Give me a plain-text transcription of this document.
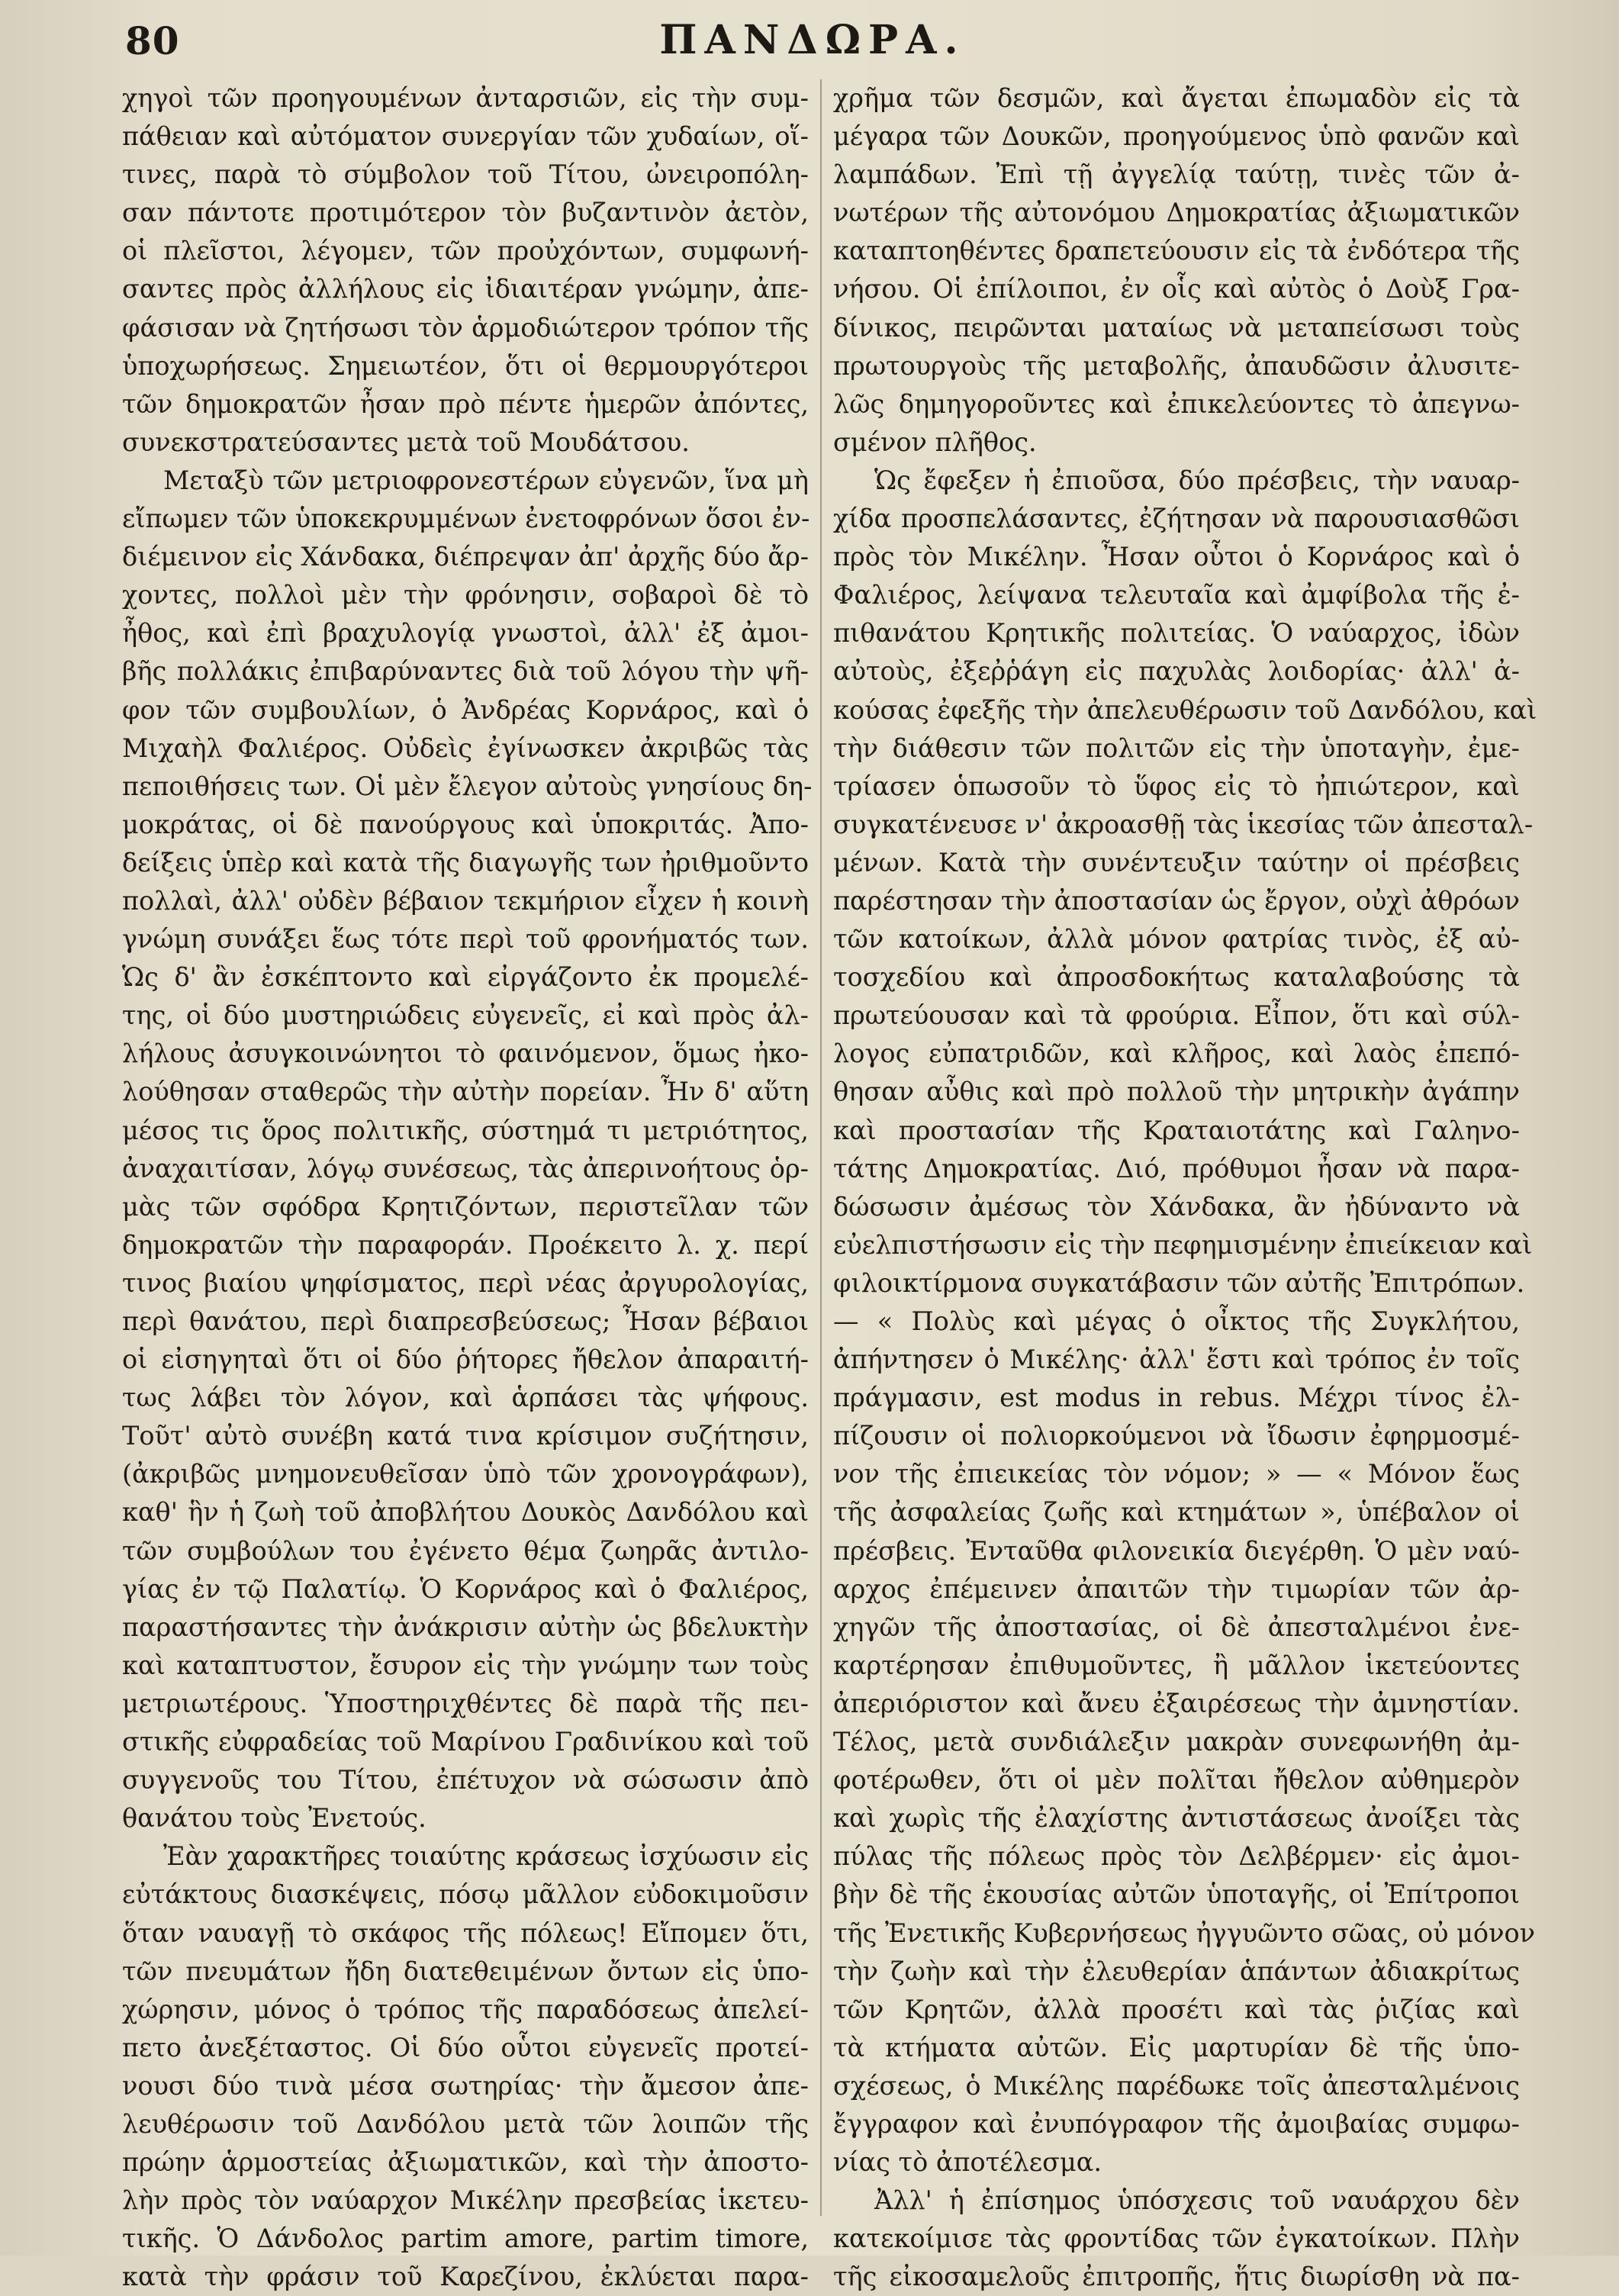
80	ΠΑΝΔΩΡΑ.

χηγοὶ τῶν προηγουμένων ἀνταρσιῶν, εἰς τὴν συμ-
πάθειαν καὶ αὐτόματον συνεργίαν τῶν χυδαίων, οἵ-
τινες, παρὰ τὸ σύμβολον τοῦ Τίτου, ὠνειροπόλη-
σαν πάντοτε προτιμότερον τὸν βυζαντινὸν ἀετὸν,
οἱ πλεῖστοι, λέγομεν, τῶν προὐχόντων, συμφωνή-
σαντες πρὸς ἀλλήλους εἰς ἰδιαιτέραν γνώμην, ἀπε-
φάσισαν νὰ ζητήσωσι τὸν ἁρμοδιώτερον τρόπον τῆς
ὑποχωρήσεως. Σημειωτέον, ὅτι οἱ θερμουργότεροι
τῶν δημοκρατῶν ἦσαν πρὸ πέντε ἡμερῶν ἀπόντες,
συνεκστρατεύσαντες μετὰ τοῦ Μουδάτσου.

Μεταξὺ τῶν μετριοφρονεστέρων εὐγενῶν, ἵνα μὴ
εἴπωμεν τῶν ὑποκεκρυμμένων ἐνετοφρόνων ὅσοι ἐν-
διέμεινον εἰς Χάνδακα, διέπρεψαν ἀπ' ἀρχῆς δύο ἄρ-
χοντες, πολλοὶ μὲν τὴν φρόνησιν, σοβαροὶ δὲ τὸ
ἦθος, καὶ ἐπὶ βραχυλογίᾳ γνωστοὶ, ἀλλ' ἐξ ἀμοι-
βῆς πολλάκις ἐπιβαρύναντες διὰ τοῦ λόγου τὴν ψῆ-
φον τῶν συμβουλίων, ὁ Ἀνδρέας Κορνάρος, καὶ ὁ
Μιχαὴλ Φαλιέρος. Οὐδεὶς ἐγίνωσκεν ἀκριβῶς τὰς
πεποιθήσεις των. Οἱ μὲν ἔλεγον αὐτοὺς γνησίους δη-
μοκράτας, οἱ δὲ πανούργους καὶ ὑποκριτάς. Ἀπο-
δείξεις ὑπὲρ καὶ κατὰ τῆς διαγωγῆς των ἠριθμοῦντο
πολλαὶ, ἀλλ' οὐδὲν βέβαιον τεκμήριον εἶχεν ἡ κοινὴ
γνώμη συνάξει ἕως τότε περὶ τοῦ φρονήματός των.
Ὡς δ' ἂν ἐσκέπτοντο καὶ εἰργάζοντο ἐκ προμελέ-
της, οἱ δύο μυστηριώδεις εὐγενεῖς, εἰ καὶ πρὸς ἀλ-
λήλους ἀσυγκοινώνητοι τὸ φαινόμενον, ὅμως ἠκο-
λούθησαν σταθερῶς τὴν αὐτὴν πορείαν. Ἦν δ' αὕτη
μέσος τις ὅρος πολιτικῆς, σύστημά τι μετριότητος,
ἀναχαιτίσαν, λόγῳ συνέσεως, τὰς ἀπερινοήτους ὁρ-
μὰς τῶν σφόδρα Κρητιζόντων, περιστεῖλαν τῶν
δημοκρατῶν τὴν παραφοράν. Προέκειτο λ. χ. περί
τινος βιαίου ψηφίσματος, περὶ νέας ἀργυρολογίας,
περὶ θανάτου, περὶ διαπρεσβεύσεως; Ἦσαν βέβαιοι
οἱ εἰσηγηταὶ ὅτι οἱ δύο ῥήτορες ἤθελον ἀπαραιτή-
τως λάβει τὸν λόγον, καὶ ἁρπάσει τὰς ψήφους.
Τοῦτ' αὐτὸ συνέβη κατά τινα κρίσιμον συζήτησιν,
(ἀκριβῶς μνημονευθεῖσαν ὑπὸ τῶν χρονογράφων),
καθ' ἣν ἡ ζωὴ τοῦ ἀποβλήτου Δουκὸς Δανδόλου καὶ
τῶν συμβούλων του ἐγένετο θέμα ζωηρᾶς ἀντιλο-
γίας ἐν τῷ Παλατίῳ. Ὁ Κορνάρος καὶ ὁ Φαλιέρος,
παραστήσαντες τὴν ἀνάκρισιν αὐτὴν ὡς βδελυκτὴν
καὶ καταπτυστον, ἔσυρον εἰς τὴν γνώμην των τοὺς
μετριωτέρους. Ὑποστηριχθέντες δὲ παρὰ τῆς πει-
στικῆς εὐφραδείας τοῦ Μαρίνου Γραδινίκου καὶ τοῦ
συγγενοῦς του Τίτου, ἐπέτυχον νὰ σώσωσιν ἀπὸ
θανάτου τοὺς Ἐνετούς.

Ἐὰν χαρακτῆρες τοιαύτης κράσεως ἰσχύωσιν εἰς
εὐτάκτους διασκέψεις, πόσῳ μᾶλλον εὐδοκιμοῦσιν
ὅταν ναυαγῇ τὸ σκάφος τῆς πόλεως! Εἴπομεν ὅτι,
τῶν πνευμάτων ἤδη διατεθειμένων ὄντων εἰς ὑπο-
χώρησιν, μόνος ὁ τρόπος τῆς παραδόσεως ἀπελεί-
πετο ἀνεξέταστος. Οἱ δύο οὗτοι εὐγενεῖς προτεί-
νουσι δύο τινὰ μέσα σωτηρίας· τὴν ἄμεσον ἀπε-
λευθέρωσιν τοῦ Δανδόλου μετὰ τῶν λοιπῶν τῆς
πρώην ἁρμοστείας ἀξιωματικῶν, καὶ τὴν ἀποστο-
λὴν πρὸς τὸν ναύαρχον Μικέλην πρεσβείας ἱκετευ-
τικῆς. Ὁ Δάνδολος partim amore, partim timore,
κατὰ τὴν φράσιν τοῦ Καρεζίνου, ἐκλύεται παρα-

χρῆμα τῶν δεσμῶν, καὶ ἄγεται ἐπωμαδὸν εἰς τὰ
μέγαρα τῶν Δουκῶν, προηγούμενος ὑπὸ φανῶν καὶ
λαμπάδων. Ἐπὶ τῇ ἀγγελίᾳ ταύτῃ, τινὲς τῶν ἀ-
νωτέρων τῆς αὐτονόμου Δημοκρατίας ἀξιωματικῶν
καταπτοηθέντες δραπετεύουσιν εἰς τὰ ἐνδότερα τῆς
νήσου. Οἱ ἐπίλοιποι, ἐν οἷς καὶ αὐτὸς ὁ Δοὺξ Γρα-
δίνικος, πειρῶνται ματαίως νὰ μεταπείσωσι τοὺς
πρωτουργοὺς τῆς μεταβολῆς, ἀπαυδῶσιν ἀλυσιτε-
λῶς δημηγοροῦντες καὶ ἐπικελεύοντες τὸ ἀπεγνω-
σμένον πλῆθος.

Ὡς ἔφεξεν ἡ ἐπιοῦσα, δύο πρέσβεις, τὴν ναυαρ-
χίδα προσπελάσαντες, ἐζήτησαν νὰ παρουσιασθῶσι
πρὸς τὸν Μικέλην. Ἦσαν οὗτοι ὁ Κορνάρος καὶ ὁ
Φαλιέρος, λείψανα τελευταῖα καὶ ἀμφίβολα τῆς ἐ-
πιθανάτου Κρητικῆς πολιτείας. Ὁ ναύαρχος, ἰδὼν
αὐτοὺς, ἐξεῤῥάγη εἰς παχυλὰς λοιδορίας· ἀλλ' ἀ-
κούσας ἐφεξῆς τὴν ἀπελευθέρωσιν τοῦ Δανδόλου, καὶ
τὴν διάθεσιν τῶν πολιτῶν εἰς τὴν ὑποταγὴν, ἐμε-
τρίασεν ὁπωσοῦν τὸ ὕφος εἰς τὸ ἠπιώτερον, καὶ
συγκατένευσε ν' ἀκροασθῇ τὰς ἱκεσίας τῶν ἀπεσταλ-
μένων. Κατὰ τὴν συνέντευξιν ταύτην οἱ πρέσβεις
παρέστησαν τὴν ἀποστασίαν ὡς ἔργον, οὐχὶ ἀθρόων
τῶν κατοίκων, ἀλλὰ μόνον φατρίας τινὸς, ἐξ αὐ-
τοσχεδίου καὶ ἀπροσδοκήτως καταλαβούσης τὰ
πρωτεύουσαν καὶ τὰ φρούρια. Εἶπον, ὅτι καὶ σύλ-
λογος εὐπατριδῶν, καὶ κλῆρος, καὶ λαὸς ἐπεπό-
θησαν αὖθις καὶ πρὸ πολλοῦ τὴν μητρικὴν ἀγάπην
καὶ προστασίαν τῆς Κραταιοτάτης καὶ Γαληνο-
τάτης Δημοκρατίας. Διό, πρόθυμοι ἦσαν νὰ παρα-
δώσωσιν ἀμέσως τὸν Χάνδακα, ἂν ἠδύναντο νὰ
εὐελπιστήσωσιν εἰς τὴν πεφημισμένην ἐπιείκειαν καὶ
φιλοικτίρμονα συγκατάβασιν τῶν αὐτῆς Ἐπιτρόπων.
— « Πολὺς καὶ μέγας ὁ οἶκτος τῆς Συγκλήτου,
ἀπήντησεν ὁ Μικέλης· ἀλλ' ἔστι καὶ τρόπος ἐν τοῖς
πράγμασιν, est modus in rebus. Μέχρι τίνος ἐλ-
πίζουσιν οἱ πολιορκούμενοι νὰ ἴδωσιν ἐφηρμοσμέ-
νον τῆς ἐπιεικείας τὸν νόμον; » — « Μόνον ἕως
τῆς ἀσφαλείας ζωῆς καὶ κτημάτων », ὑπέβαλον οἱ
πρέσβεις. Ἐνταῦθα φιλονεικία διεγέρθη. Ὁ μὲν ναύ-
αρχος ἐπέμεινεν ἀπαιτῶν τὴν τιμωρίαν τῶν ἀρ-
χηγῶν τῆς ἀποστασίας, οἱ δὲ ἀπεσταλμένοι ἐνε-
καρτέρησαν ἐπιθυμοῦντες, ἢ μᾶλλον ἱκετεύοντες
ἀπεριόριστον καὶ ἄνευ ἐξαιρέσεως τὴν ἀμνηστίαν.
Τέλος, μετὰ συνδιάλεξιν μακρὰν συνεφωνήθη ἀμ-
φοτέρωθεν, ὅτι οἱ μὲν πολῖται ἤθελον αὐθημερὸν
καὶ χωρὶς τῆς ἐλαχίστης ἀντιστάσεως ἀνοίξει τὰς
πύλας τῆς πόλεως πρὸς τὸν Δελβέρμεν· εἰς ἀμοι-
βὴν δὲ τῆς ἑκουσίας αὐτῶν ὑποταγῆς, οἱ Ἐπίτροποι
τῆς Ἐνετικῆς Κυβερνήσεως ἠγγυῶντο σῶας, οὐ μόνον
τὴν ζωὴν καὶ τὴν ἐλευθερίαν ἁπάντων ἀδιακρίτως
τῶν Κρητῶν, ἀλλὰ προσέτι καὶ τὰς ῥιζίας καὶ
τὰ κτήματα αὐτῶν. Εἰς μαρτυρίαν δὲ τῆς ὑπο-
σχέσεως, ὁ Μικέλης παρέδωκε τοῖς ἀπεσταλμένοις
ἔγγραφον καὶ ἐνυπόγραφον τῆς ἀμοιβαίας συμφω-
νίας τὸ ἀποτέλεσμα.

Ἀλλ' ἡ ἐπίσημος ὑπόσχεσις τοῦ ναυάρχου δὲν
κατεκοίμισε τὰς φροντίδας τῶν ἐγκατοίκων. Πλὴν
τῆς εἰκοσαμελοῦς ἐπιτροπῆς, ἥτις διωρίσθη νὰ πα-
